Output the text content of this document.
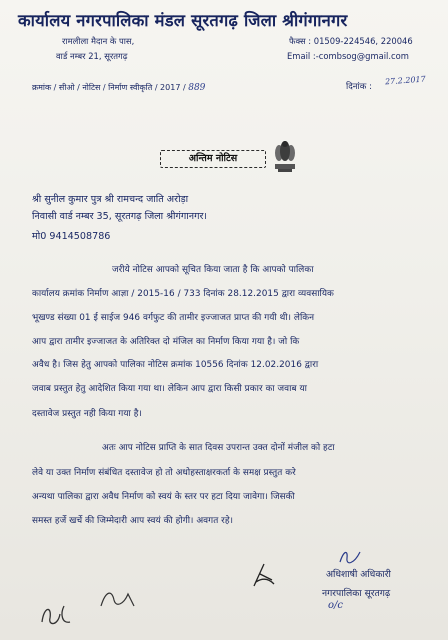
कार्यालय नगरपालिका मंडल सूरतगढ़ जिला श्रीगंगानगर
रामलीला मैदान के पास,
वार्ड नम्बर 21, सूरतगढ़
फैक्स : 01509-224546, 220046
Email :-combsog@gmail.com
क्रमांक / सीओ / नोटिस / निर्माण स्वीकृति / 2017 / 889	दिनांक :
27.2.2017
अन्तिम नोटिस
श्री सुनील कुमार पुत्र श्री रामचन्द जाति अरोड़ा
निवासी वार्ड नम्बर 35, सूरतगढ़ जिला श्रीगंगानगर।
मो0 9414508786
जरीये नोटिस आपको सूचित किया जाता है कि आपको पालिका
कार्यालय क्रमांक निर्माण आज्ञा / 2015-16 / 733 दिनांक 28.12.2015 द्वारा व्यवसायिक
भूखण्ड संख्या 01 ई साईज 946 वर्गफुट की तामीर इज्जाजत प्राप्त की गयी थी। लेकिन
आप द्वारा तामीर इज्जाजत के अतिरिक्त दो मंजिल का निर्माण किया गया है। जो कि
अवैध है। जिस हेतु आपको पालिका नोटिस क्रमांक 10556 दिनांक 12.02.2016 द्वारा
जवाब प्रस्तुत हेतु आदेशित किया गया था। लेकिन आप द्वारा किसी प्रकार का जवाब या
दस्तावेज प्रस्तुत नही किया गया है।
अतः आप नोटिस प्राप्ति के सात दिवस उपरान्त उक्त दोनों मंजील को हटा
लेवे या उक्त निर्माण संबंधित दस्तावेज हो तो अधोहस्ताक्षरकर्ता के समक्ष प्रस्तुत करे
अन्यथा पालिका द्वारा अवैध निर्माण को स्वयं के स्तर पर हटा दिया जावेगा। जिसकी
समस्त हर्जे खर्चे की जिम्मेदारी आप स्वयं की होगी। अवगत रहे।
अधिशाषी अधिकारी
नगरपालिका सूरतगढ़
o/c
